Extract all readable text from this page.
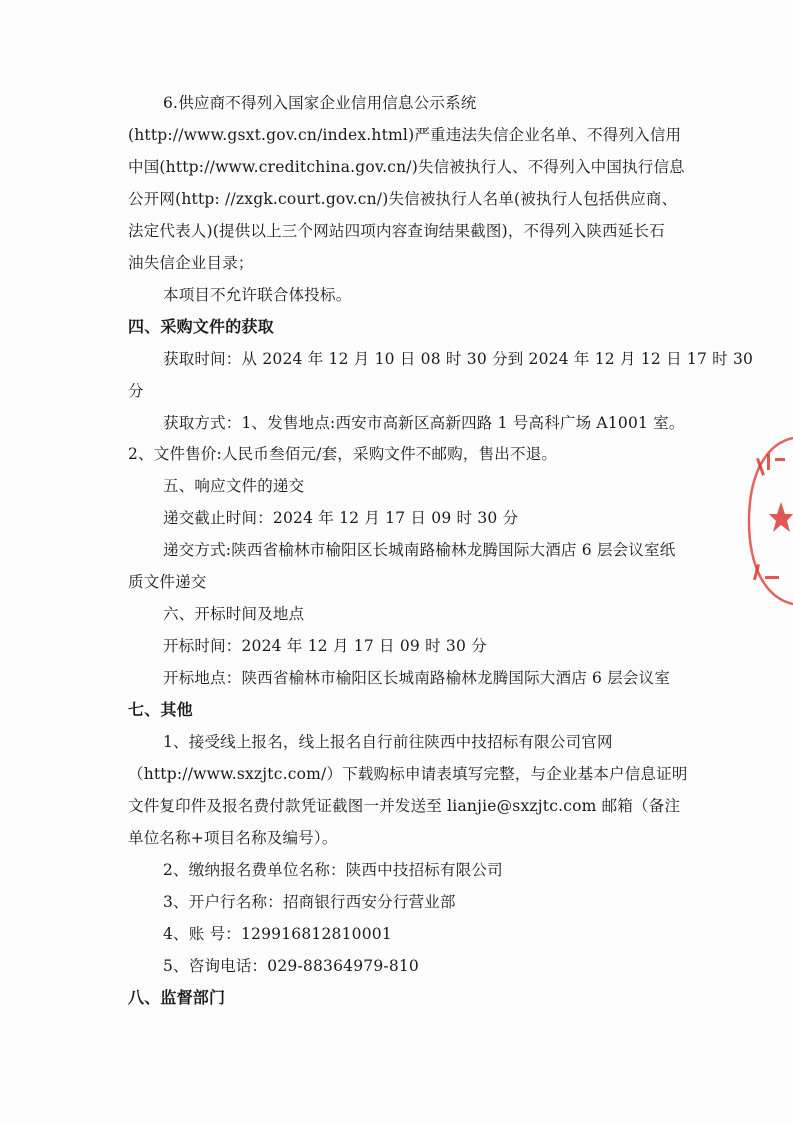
6.供应商不得列入国家企业信用信息公示系统
(http://www.gsxt.gov.cn/index.html)严重违法失信企业名单、不得列入信用
中国(http://www.creditchina.gov.cn/)失信被执行人、不得列入中国执行信息
公开网(http: //zxgk.court.gov.cn/)失信被执行人名单(被执行人包括供应商、
法定代表人)(提供以上三个网站四项内容查询结果截图)，不得列入陕西延长石
油失信企业目录；
本项目不允许联合体投标。
四、采购文件的获取
获取时间：从 2024 年 12 月 10 日 08 时 30 分到 2024 年 12 月 12 日 17 时 30
分
获取方式：1、发售地点:西安市高新区高新四路 1 号高科广场 A1001 室。
2、文件售价:人民币叁佰元/套，采购文件不邮购，售出不退。
五、响应文件的递交
递交截止时间：2024 年 12 月 17 日 09 时 30 分
递交方式:陕西省榆林市榆阳区长城南路榆林龙腾国际大酒店 6 层会议室纸
质文件递交
六、开标时间及地点
开标时间：2024 年 12 月 17 日 09 时 30 分
开标地点：陕西省榆林市榆阳区长城南路榆林龙腾国际大酒店 6 层会议室
七、其他
1、接受线上报名，线上报名自行前往陕西中技招标有限公司官网
（http://www.sxzjtc.com/）下载购标申请表填写完整，与企业基本户信息证明
文件复印件及报名费付款凭证截图一并发送至 lianjie@sxzjtc.com 邮箱（备注
单位名称+项目名称及编号）。
2、缴纳报名费单位名称：陕西中技招标有限公司
3、开户行名称：招商银行西安分行营业部
4、账 号：129916812810001
5、咨询电话：029-88364979-810
八、监督部门
